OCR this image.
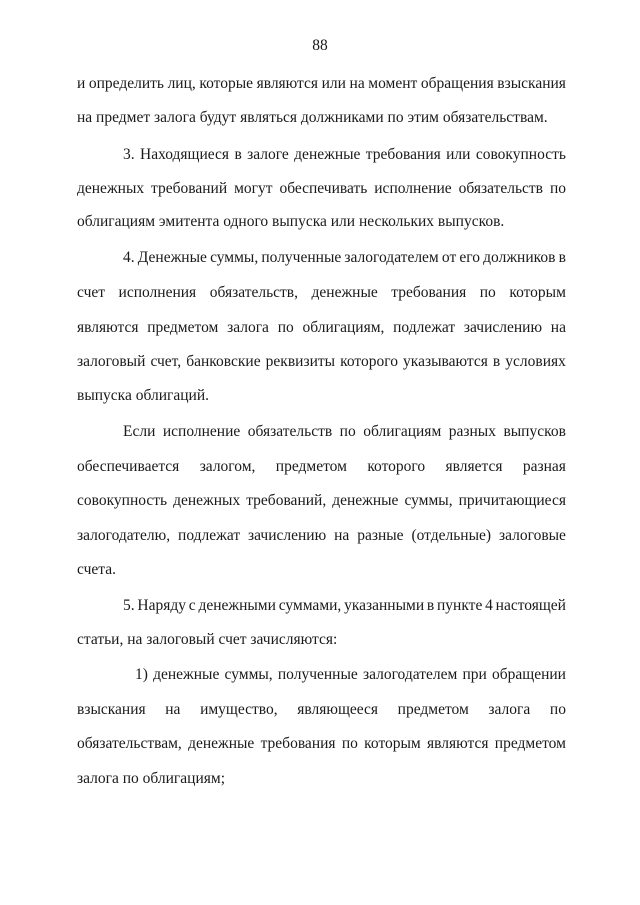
88
и определить лиц, которые являются или на момент обращения взыскания
на предмет залога будут являться должниками по этим обязательствам.
3. Находящиеся в залоге денежные требования или совокупность
денежных требований могут обеспечивать исполнение обязательств по
облигациям эмитента одного выпуска или нескольких выпусков.
4. Денежные суммы, полученные залогодателем от его должников в
счет исполнения обязательств, денежные требования по которым
являются предметом залога по облигациям, подлежат зачислению на
залоговый счет, банковские реквизиты которого указываются в условиях
выпуска облигаций.
Если исполнение обязательств по облигациям разных выпусков
обеспечивается залогом, предметом которого является разная
совокупность денежных требований, денежные суммы, причитающиеся
залогодателю, подлежат зачислению на разные (отдельные) залоговые
счета.
5. Наряду с денежными суммами, указанными в пункте 4 настоящей
статьи, на залоговый счет зачисляются:
1) денежные суммы, полученные залогодателем при обращении
взыскания на имущество, являющееся предметом залога по
обязательствам, денежные требования по которым являются предметом
залога по облигациям;
